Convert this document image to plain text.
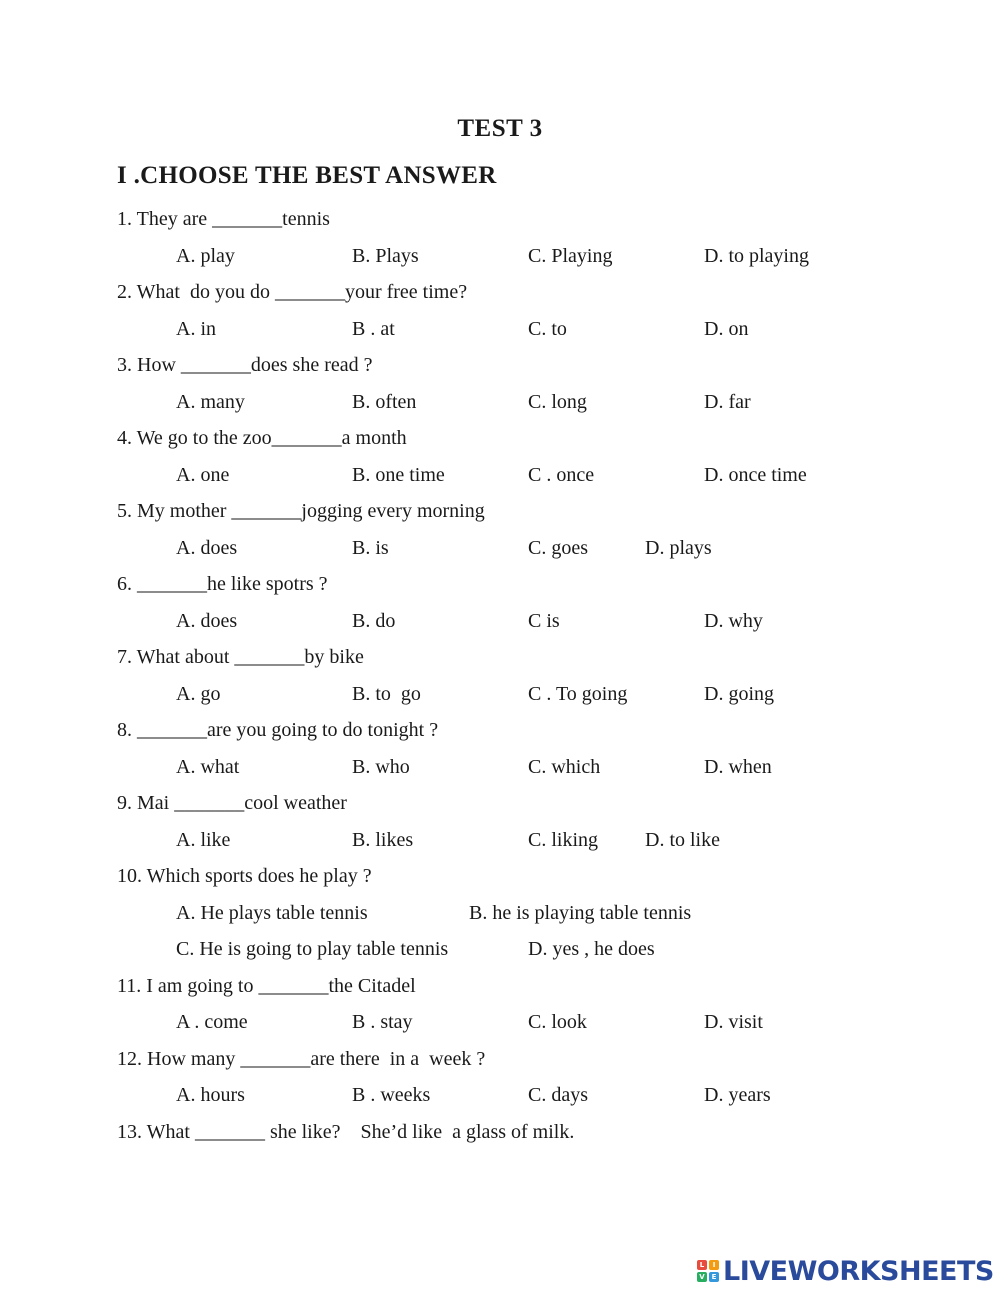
TEST 3
I .CHOOSE THE BEST ANSWER
1. They are _______tennis
A. play	B. Plays	C. Playing	D. to playing
2. What  do you do _______your free time?
A. in	B . at	C. to	D. on
3. How _______does she read ?
A. many	B. often	C. long	D. far
4. We go to the zoo_______a month
A. one	B. one time	C . once	D. once time
5. My mother _______jogging every morning
A. does	B. is	C. goes	D. plays
6. _______he like spotrs ?
A. does	B. do	C is	D. why
7. What about _______by bike
A. go	B. to  go	C . To going	D. going
8. _______are you going to do tonight ?
A. what	B. who	C. which	D. when
9. Mai _______cool weather
A. like	B. likes	C. liking D. to like
10. Which sports does he play ?
A. He plays table tennis	B. he is playing table tennis
C. He is going to play table tennis	D. yes , he does
11. I am going to _______the Citadel
A . come	B . stay	C. look	D. visit
12. How many _______are there  in a  week ?
A. hours	B . weeks	C. days	D. years
13. What _______ she like?    She’d like  a glass of milk.
L	I
V E LIVEWORKSHEETS
